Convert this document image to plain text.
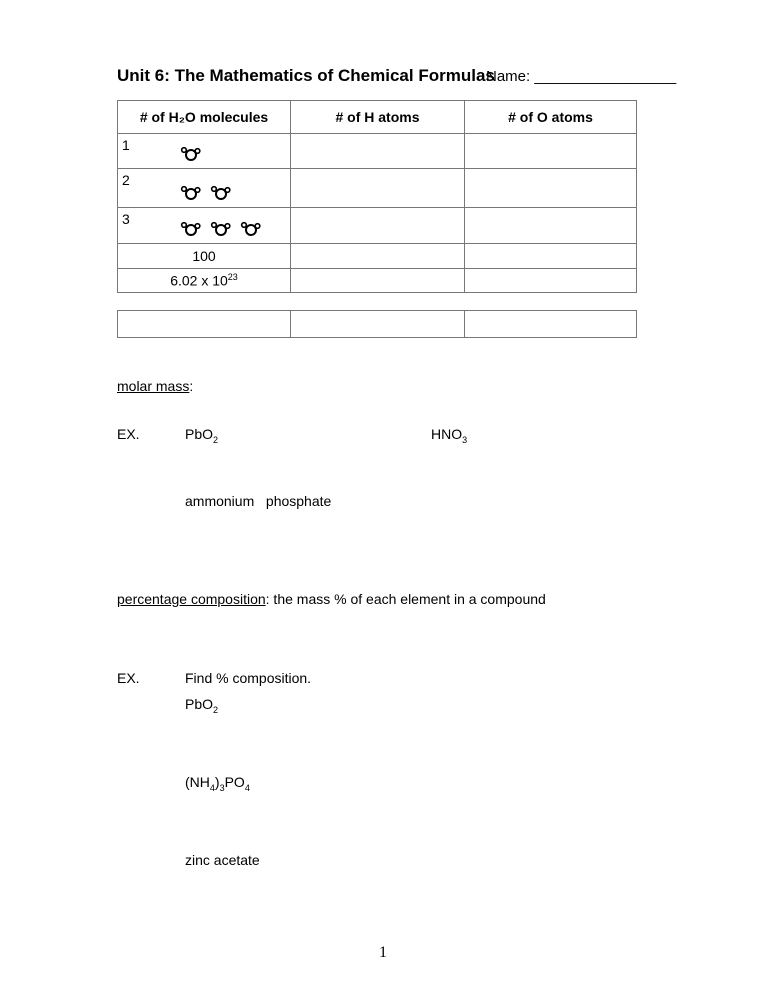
Unit 6: The Mathematics of Chemical Formulas
Name: _________________
# of H₂O molecules	# of H atoms	# of O atoms

1		

2		

3		

100		
6.02 x $10^{23}$		

molar mass:
EX.	PbO$_2$	$HNO_3$
ammonium   phosphate
percentage composition: the mass % of each element in a compound
EX.	Find % composition.
PbO$_2$
$(NH_4)_3PO_4$
zinc acetate
1
